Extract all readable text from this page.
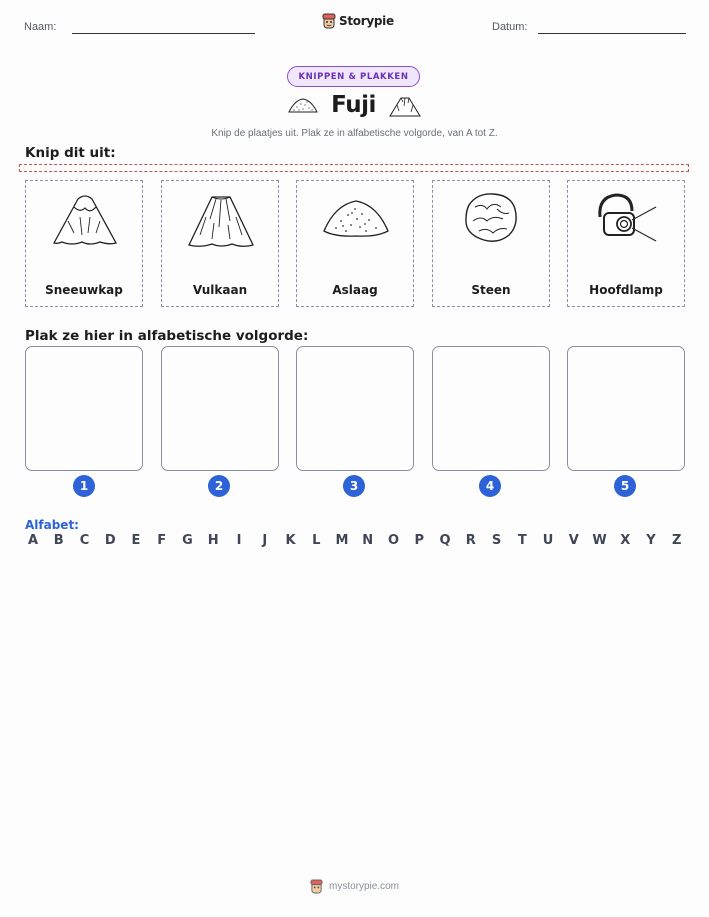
Naam:	Storypie	Datum:
KNIPPEN & PLAKKEN
Fuji
Knip de plaatjes uit. Plak ze in alfabetische volgorde, van A tot Z.
Knip dit uit:
Sneeuwkap	Vulkaan	Aslaag	Steen	Hoofdlamp
Plak ze hier in alfabetische volgorde:
1	2	3	4	5
Alfabet:
A B C D E F G H	I	J	K L M N O P Q R S T U V W X Y Z
mystorypie.com
